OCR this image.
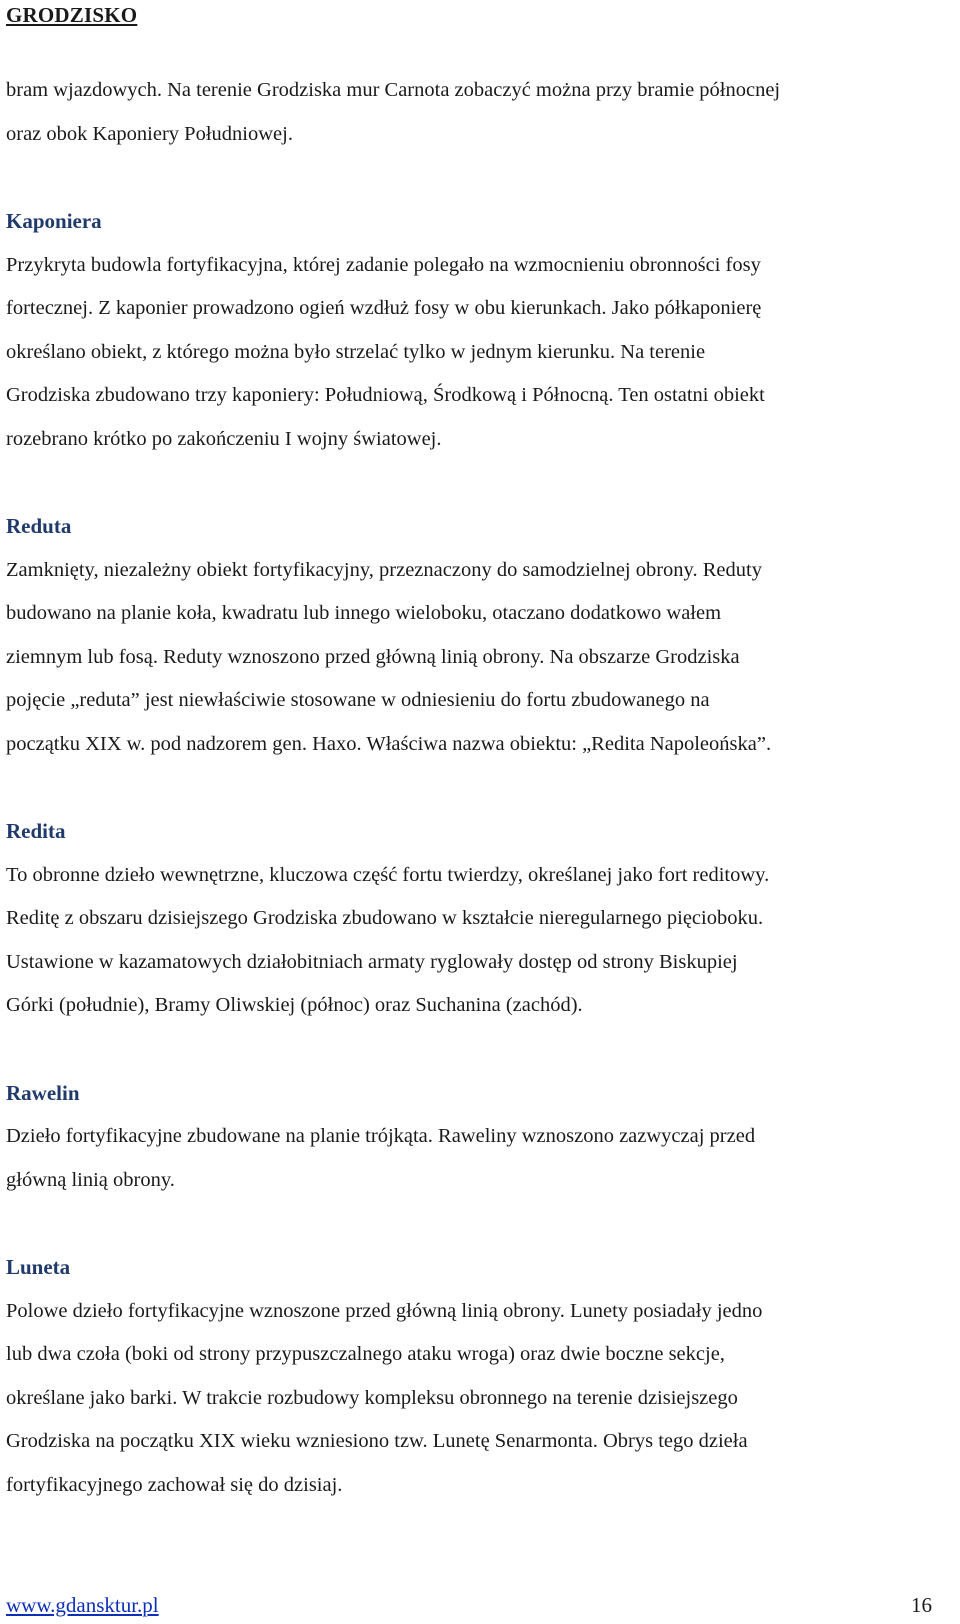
GRODZISKO

bram wjazdowych. Na terenie Grodziska mur Carnota zobaczyć można przy bramie północnej

oraz obok Kaponiery Południowej.

Kaponiera

Przykryta budowla fortyfikacyjna, której zadanie polegało na wzmocnieniu obronności fosy

fortecznej. Z kaponier prowadzono ogień wzdłuż fosy w obu kierunkach. Jako półkaponierę

określano obiekt, z którego można było strzelać tylko w jednym kierunku. Na terenie

Grodziska zbudowano trzy kaponiery: Południową, Środkową i Północną. Ten ostatni obiekt

rozebrano krótko po zakończeniu I wojny światowej.

Reduta

Zamknięty, niezależny obiekt fortyfikacyjny, przeznaczony do samodzielnej obrony. Reduty

budowano na planie koła, kwadratu lub innego wieloboku, otaczano dodatkowo wałem

ziemnym lub fosą. Reduty wznoszono przed główną linią obrony. Na obszarze Grodziska

pojęcie „reduta” jest niewłaściwie stosowane w odniesieniu do fortu zbudowanego na

początku XIX w. pod nadzorem gen. Haxo. Właściwa nazwa obiektu: „Redita Napoleońska”.

Redita

To obronne dzieło wewnętrzne, kluczowa część fortu twierdzy, określanej jako fort reditowy.

Reditę z obszaru dzisiejszego Grodziska zbudowano w kształcie nieregularnego pięcioboku.

Ustawione w kazamatowych działobitniach armaty ryglowały dostęp od strony Biskupiej

Górki (południe), Bramy Oliwskiej (północ) oraz Suchanina (zachód).

Rawelin

Dzieło fortyfikacyjne zbudowane na planie trójkąta. Raweliny wznoszono zazwyczaj przed

główną linią obrony.

Luneta

Polowe dzieło fortyfikacyjne wznoszone przed główną linią obrony. Lunety posiadały jedno

lub dwa czoła (boki od strony przypuszczalnego ataku wroga) oraz dwie boczne sekcje,

określane jako barki. W trakcie rozbudowy kompleksu obronnego na terenie dzisiejszego

Grodziska na początku XIX wieku wzniesiono tzw. Lunetę Senarmonta. Obrys tego dzieła

fortyfikacyjnego zachował się do dzisiaj.

www.gdansktur.pl	16
